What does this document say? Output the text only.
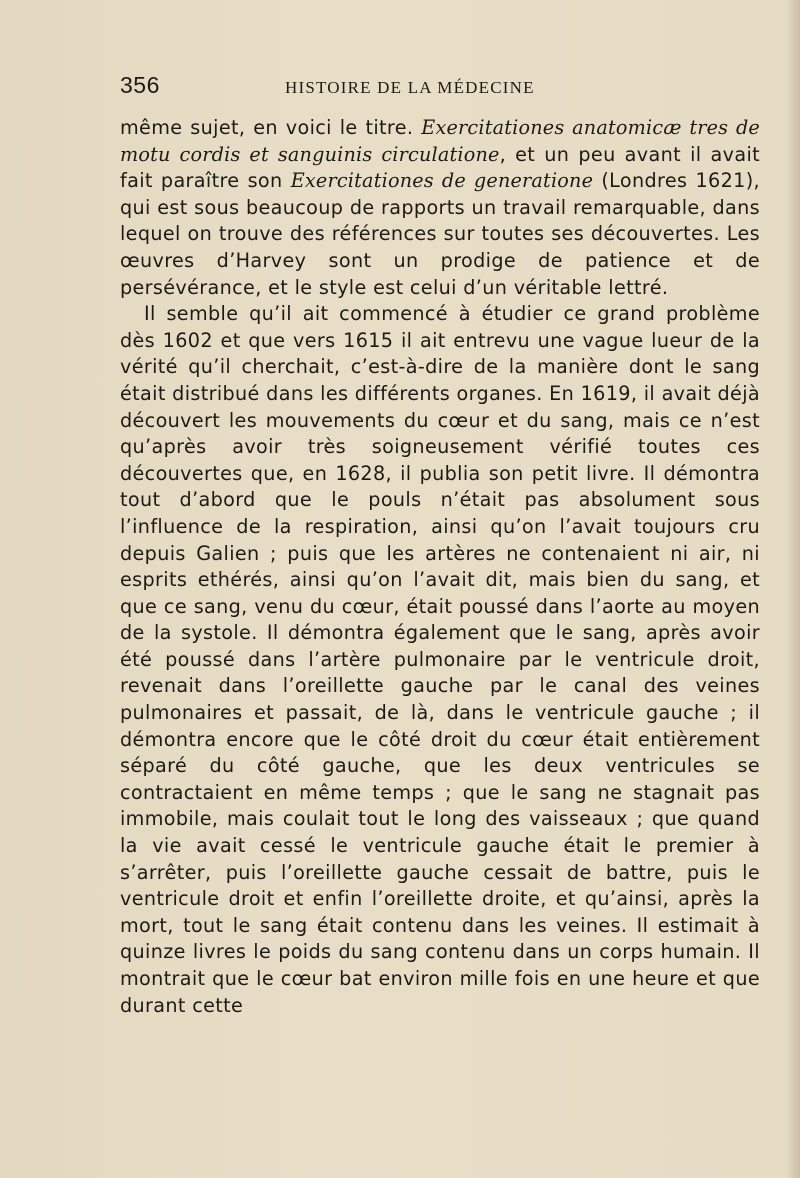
356	HISTOIRE DE LA MÉDECINE

même sujet, en voici le titre. Exercitationes anatomicæ tres de motu cordis et sanguinis circulatione, et un peu avant il avait fait paraître son Exercitationes de generatione (Londres 1621), qui est sous beaucoup de rapports un travail remarquable, dans lequel on trouve des références sur toutes ses découvertes. Les œuvres d’Harvey sont un prodige de patience et de persévérance, et le style est celui d’un véritable lettré.

Il semble qu’il ait commencé à étudier ce grand problème dès 1602 et que vers 1615 il ait entrevu une vague lueur de la vérité qu’il cherchait, c’est-à-dire de la manière dont le sang était distribué dans les différents organes. En 1619, il avait déjà découvert les mouvements du cœur et du sang, mais ce n’est qu’après avoir très soigneusement vérifié toutes ces découvertes que, en 1628, il publia son petit livre. Il démontra tout d’abord que le pouls n’était pas absolument sous l’influence de la respiration, ainsi qu’on l’avait toujours cru depuis Galien ; puis que les artères ne contenaient ni air, ni esprits ethérés, ainsi qu’on l’avait dit, mais bien du sang, et que ce sang, venu du cœur, était poussé dans l’aorte au moyen de la systole. Il démontra également que le sang, après avoir été poussé dans l’artère pulmonaire par le ventricule droit, revenait dans l’oreillette gauche par le canal des veines pulmonaires et passait, de là, dans le ventricule gauche ; il démontra encore que le côté droit du cœur était entièrement séparé du côté gauche, que les deux ventricules se contractaient en même temps ; que le sang ne stagnait pas immobile, mais coulait tout le long des vaisseaux ; que quand la vie avait cessé le ventricule gauche était le premier à s’arrêter, puis l’oreillette gauche cessait de battre, puis le ventricule droit et enfin l’oreillette droite, et qu’ainsi, après la mort, tout le sang était contenu dans les veines. Il estimait à quinze livres le poids du sang contenu dans un corps humain. Il montrait que le cœur bat environ mille fois en une heure et que durant cette
